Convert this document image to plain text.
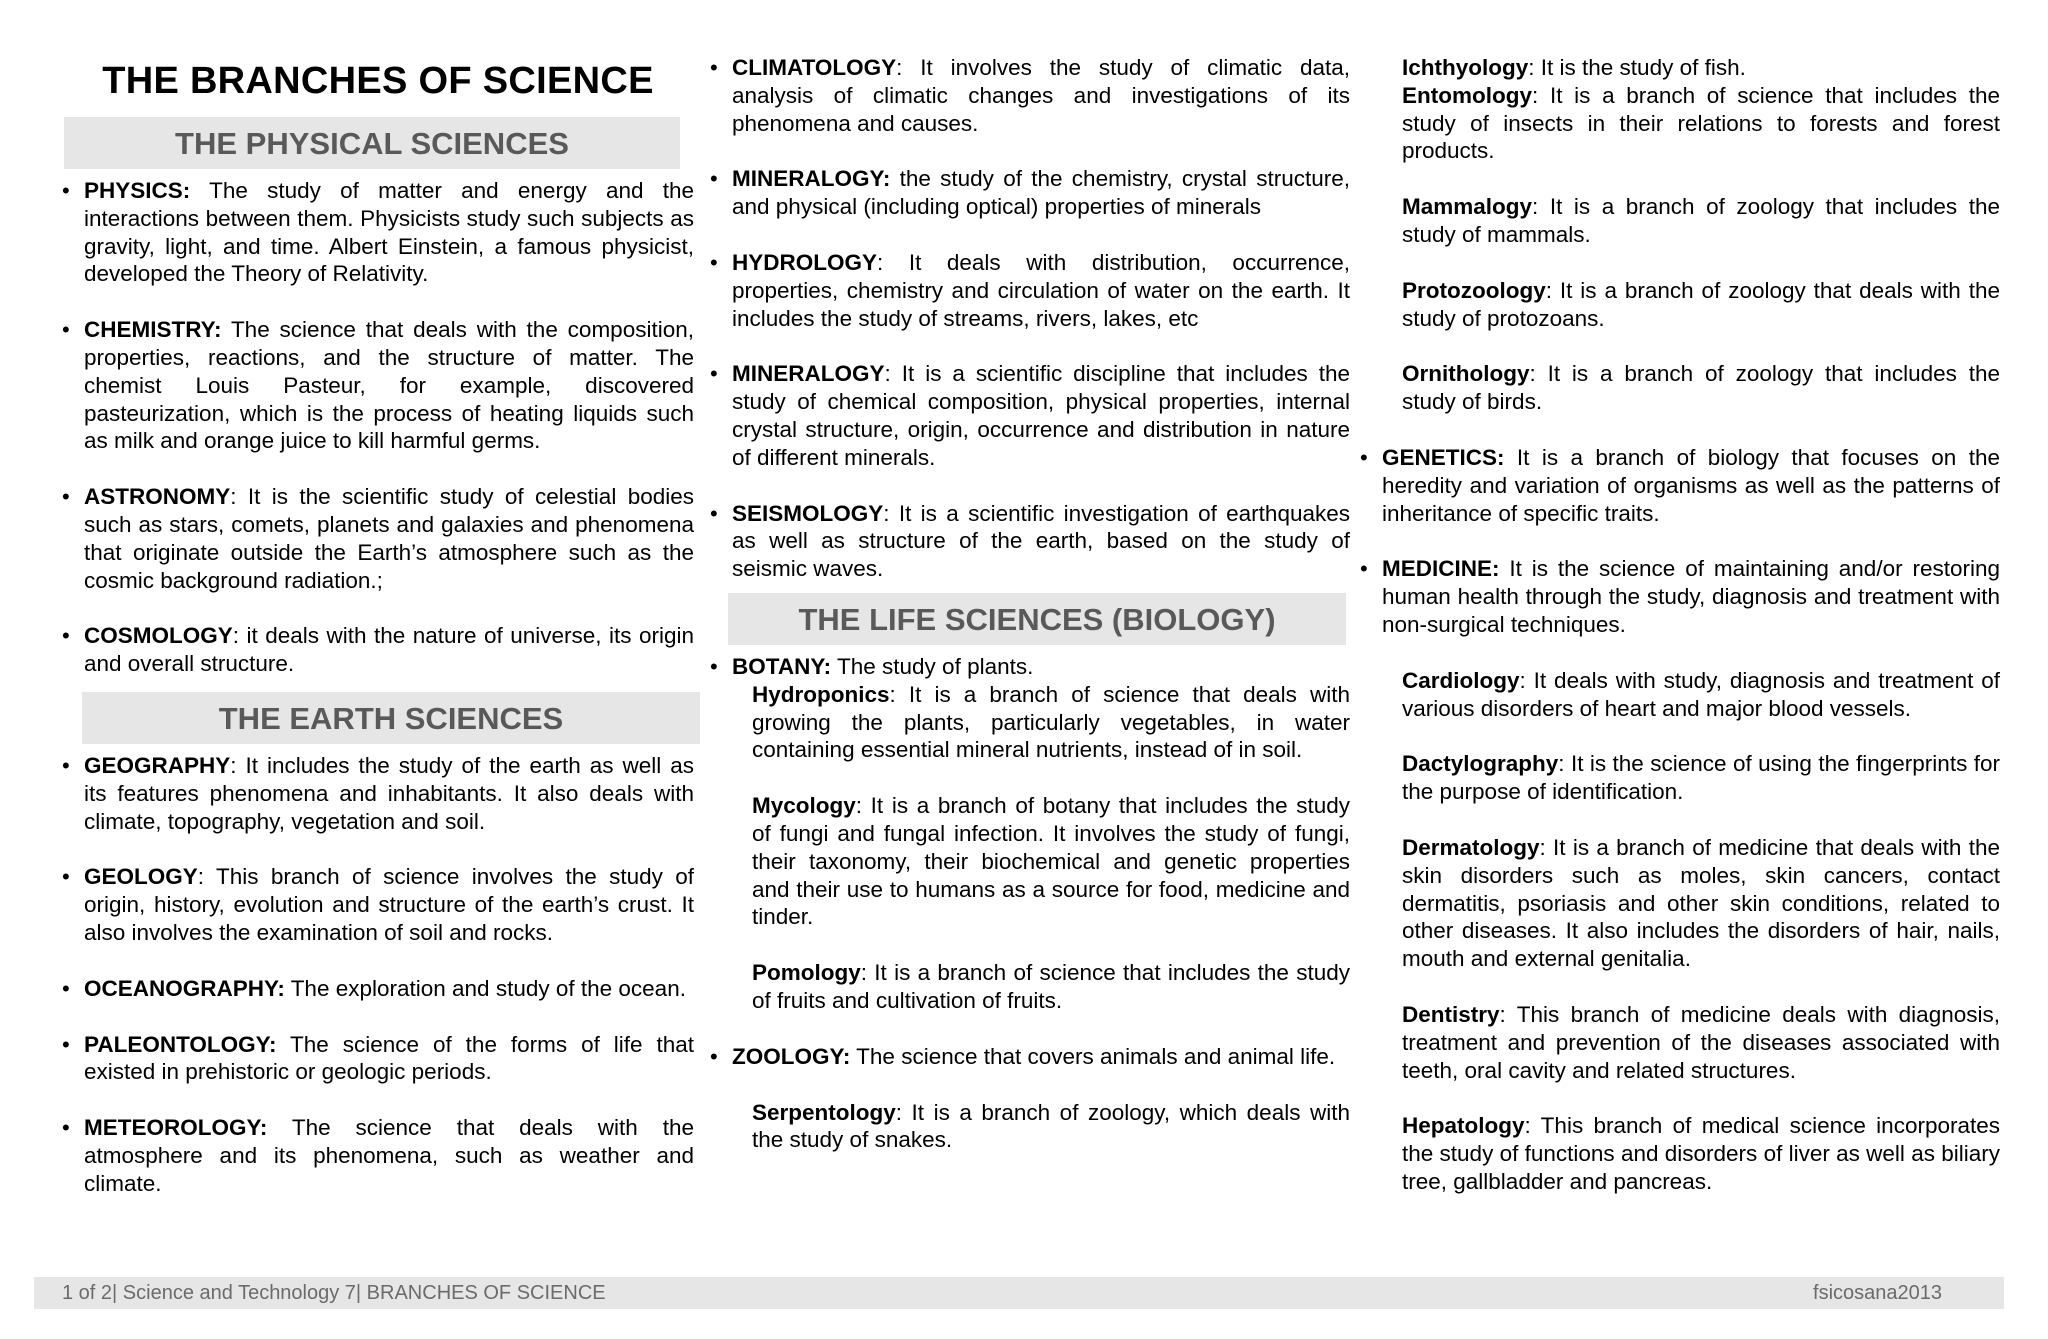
THE BRANCHES OF SCIENCE
THE PHYSICAL SCIENCES
• PHYSICS: The study of matter and energy and the interactions between them. Physicists study such subjects as gravity, light, and time. Albert Einstein, a famous physicist, developed the Theory of Relativity.
• CHEMISTRY: The science that deals with the composition, properties, reactions, and the structure of matter. The chemist Louis Pasteur, for example, discovered pasteurization, which is the process of heating liquids such as milk and orange juice to kill harmful germs.
• ASTRONOMY: It is the scientific study of celestial bodies such as stars, comets, planets and galaxies and phenomena that originate outside the Earth’s atmosphere such as the cosmic background radiation.;
• COSMOLOGY: it deals with the nature of universe, its origin and overall structure.
THE EARTH SCIENCES
• GEOGRAPHY: It includes the study of the earth as well as its features phenomena and inhabitants. It also deals with climate, topography, vegetation and soil.
• GEOLOGY: This branch of science involves the study of origin, history, evolution and structure of the earth’s crust. It also involves the examination of soil and rocks.
• OCEANOGRAPHY: The exploration and study of the ocean.
• PALEONTOLOGY: The science of the forms of life that existed in prehistoric or geologic periods.
• METEOROLOGY: The science that deals with the atmosphere and its phenomena, such as weather and climate.
• CLIMATOLOGY: It involves the study of climatic data, analysis of climatic changes and investigations of its phenomena and causes.
• MINERALOGY: the study of the chemistry, crystal structure, and physical (including optical) properties of minerals
• HYDROLOGY: It deals with distribution, occurrence, properties, chemistry and circulation of water on the earth. It includes the study of streams, rivers, lakes, etc
• MINERALOGY: It is a scientific discipline that includes the study of chemical composition, physical properties, internal crystal structure, origin, occurrence and distribution in nature of different minerals.
• SEISMOLOGY: It is a scientific investigation of earthquakes as well as structure of the earth, based on the study of seismic waves.
THE LIFE SCIENCES (BIOLOGY)
• BOTANY: The study of plants.
Hydroponics: It is a branch of science that deals with growing the plants, particularly vegetables, in water containing essential mineral nutrients, instead of in soil.
Mycology: It is a branch of botany that includes the study of fungi and fungal infection. It involves the study of fungi, their taxonomy, their biochemical and genetic properties and their use to humans as a source for food, medicine and tinder.
Pomology: It is a branch of science that includes the study of fruits and cultivation of fruits.
• ZOOLOGY: The science that covers animals and animal life.
Serpentology: It is a branch of zoology, which deals with the study of snakes.
Ichthyology: It is the study of fish.
Entomology: It is a branch of science that includes the study of insects in their relations to forests and forest products.
Mammalogy: It is a branch of zoology that includes the study of mammals.
Protozoology: It is a branch of zoology that deals with the study of protozoans.
Ornithology: It is a branch of zoology that includes the study of birds.
• GENETICS: It is a branch of biology that focuses on the heredity and variation of organisms as well as the patterns of inheritance of specific traits.
• MEDICINE: It is the science of maintaining and/or restoring human health through the study, diagnosis and treatment with non-surgical techniques.
Cardiology: It deals with study, diagnosis and treatment of various disorders of heart and major blood vessels.
Dactylography: It is the science of using the fingerprints for the purpose of identification.
Dermatology: It is a branch of medicine that deals with the skin disorders such as moles, skin cancers, contact dermatitis, psoriasis and other skin conditions, related to other diseases. It also includes the disorders of hair, nails, mouth and external genitalia.
Dentistry: This branch of medicine deals with diagnosis, treatment and prevention of the diseases associated with teeth, oral cavity and related structures.
Hepatology: This branch of medical science incorporates the study of functions and disorders of liver as well as biliary tree, gallbladder and pancreas.
1 of 2| Science and Technology 7| BRANCHES OF SCIENCE	fsicosana2013
